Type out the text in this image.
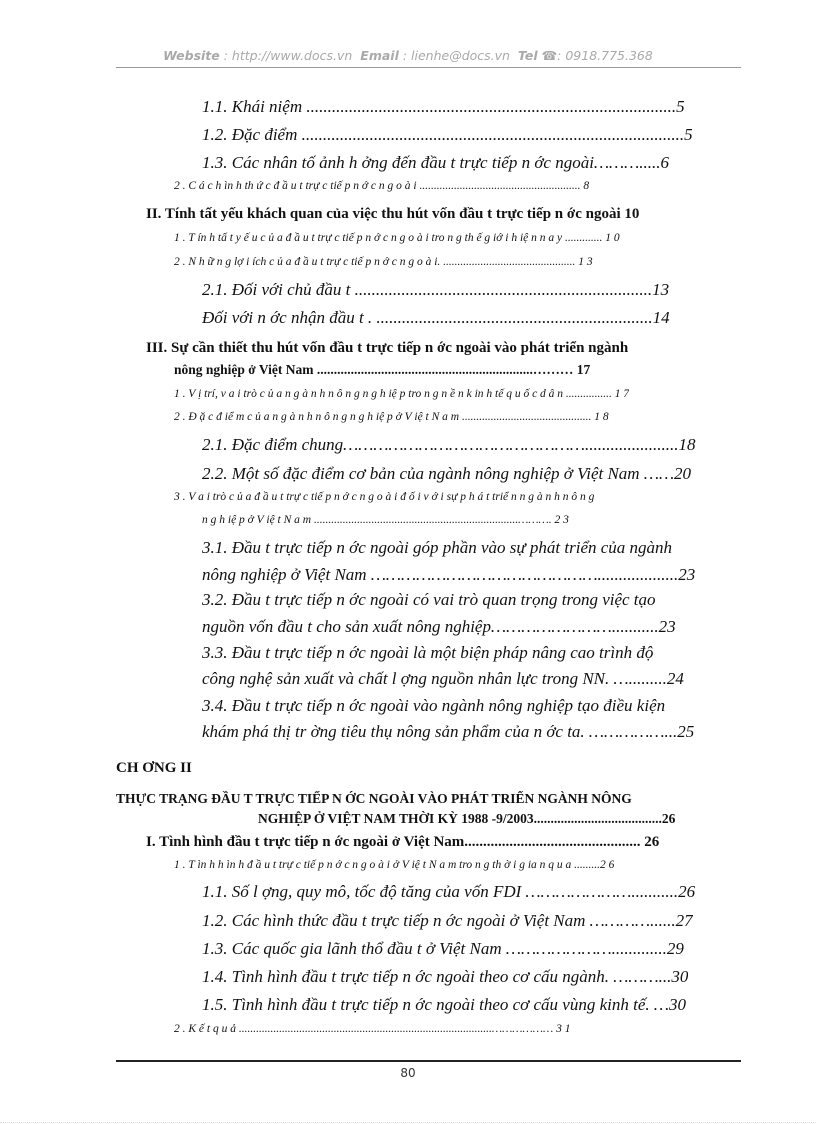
Website : http://www.docs.vn Email : lienhe@docs.vn Tel ☎: 0918.775.368
1.1. Khái niệm .......................................................................................5
1.2. Đặc điểm ..........................................................................................5
1.3. Các nhân tố ảnh h ởng đến đầu t trực tiếp n ớc ngoài……….....6
2 . C á c h ìn h th ứ c đ ầ u t trự c tiế p n ớ c n g o à i ........................................................ 8
II. Tính tất yếu khách quan của việc thu hút vốn đầu t trực tiếp n ớc ngoài 10
1 . T ín h tấ t y ế u c ủ a đ ầ u t trự c tiế p n ớ c n g o à i tro n g th ế g iớ i h iệ n n a y ............. 1 0
2 . N h ữ n g lợ i ích c ủ a đ ầ u t trự c tiế p n ớ c n g o à i. .............................................. 1 3
2.1. Đối với chủ đầu t ......................................................................13
Đối với n ớc nhận đầu t . .................................................................14
III. Sự cần thiết thu hút vốn đầu t trực tiếp n ớc ngoài vào phát triển ngành
nông nghiệp ở Việt Nam ................................................................……… 17
1 . V ị trí, v a i trò c ủ a n g à n h n ô n g n g h iệ p tro n g n ề n k in h tế q u ố c d â n ................ 1 7
2 . Đ ặ c đ iể m c ủ a n g à n h n ô n g n g h iệ p ở V iệ t N a m ............................................. 1 8
2.1. Đặc điểm chung…………………………………………......................18
2.2. Một số đặc điểm cơ bản của ngành nông nghiệp ở Việt Nam ……20
3 . V a i trò c ủ a đ ầ u t trự c tiế p n ớ c n g o à i đ ố i v ớ i sự p h á t triể n n g à n h n ô n g
n g h iệ p ở V iệ t N a m .......................................................................………. 2 3
3.1. Đầu t trực tiếp n ớc ngoài góp phần vào sự phát triển của ngành
nông nghiệp ở Việt Nam ………………………………………...................23
3.2. Đầu t trực tiếp n ớc ngoài có vai trò quan trọng trong việc tạo
nguồn vốn đầu t cho sản xuất nông nghiệp……………………...........23
3.3. Đầu t trực tiếp n ớc ngoài là một biện pháp nâng cao trình độ
công nghệ sản xuất và chất l ợng nguồn nhân lực trong NN. ….........24
3.4. Đầu t trực tiếp n ớc ngoài vào ngành nông nghiệp tạo điều kiện
khám phá thị tr ờng tiêu thụ nông sản phẩm của n ớc ta. ……………...25
CH ƠNG II
THỰC TRẠNG ĐẦU T TRỰC TIẾP N ỚC NGOÀI VÀO PHÁT TRIỂN NGÀNH NÔNG
NGHIỆP Ở VIỆT NAM THỜI KỲ 1988 -9/2003......................................26
I. Tình hình đầu t trực tiếp n ớc ngoài ở Việt Nam............................................... 26
1 . T ìn h h ìn h đ ầ u t trự c tiế p n ớ c n g o à i ở V iệ t N a m tro n g th ờ i g ia n q u a .........2 6
1.1. Số l ợng, quy mô, tốc độ tăng của vốn FDI …………………...........26
1.2. Các hình thức đầu t trực tiếp n ớc ngoài ở Việt Nam …………......27
1.3. Các quốc gia lãnh thổ đầu t ở Việt Nam ………………….............29
1.4. Tình hình đầu t trực tiếp n ớc ngoài theo cơ cấu ngành. ………...30
1.5. Tình hình đầu t trực tiếp n ớc ngoài theo cơ cấu vùng kinh tế. …30
2 . K ế t q u ả ........................................................................................……………… 3 1
80
